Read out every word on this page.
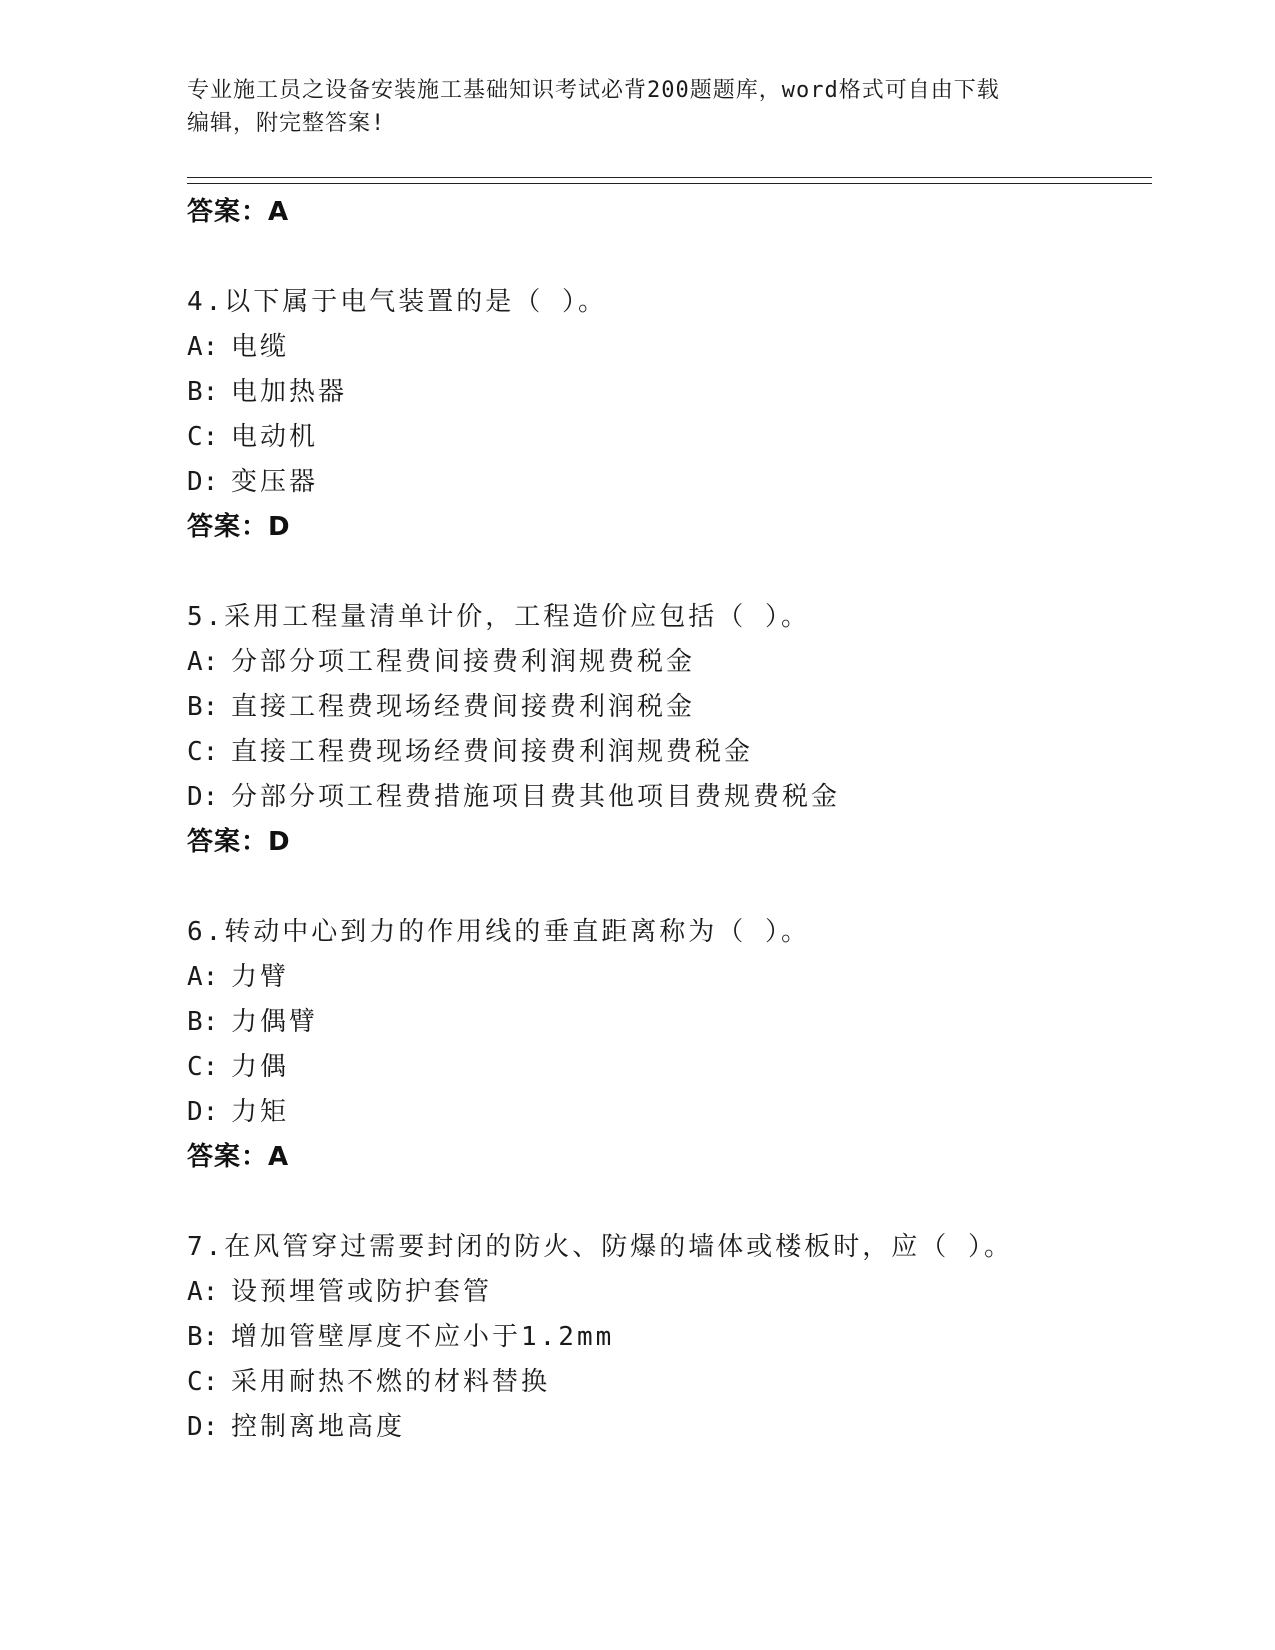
专业施工员之设备安装施工基础知识考试必背200题题库，word格式可自由下载
编辑，附完整答案!
答案：A
4.以下属于电气装置的是（ ）。
A: 电缆
B: 电加热器
C: 电动机
D: 变压器
答案：D
5.采用工程量清单计价，工程造价应包括（ ）。
A: 分部分项工程费间接费利润规费税金
B: 直接工程费现场经费间接费利润税金
C: 直接工程费现场经费间接费利润规费税金
D: 分部分项工程费措施项目费其他项目费规费税金
答案：D
6.转动中心到力的作用线的垂直距离称为（ ）。
A: 力臂
B: 力偶臂
C: 力偶
D: 力矩
答案：A
7.在风管穿过需要封闭的防火、防爆的墙体或楼板时，应（ ）。
A: 设预埋管或防护套管
B: 增加管壁厚度不应小于1.2mm
C: 采用耐热不燃的材料替换
D: 控制离地高度
